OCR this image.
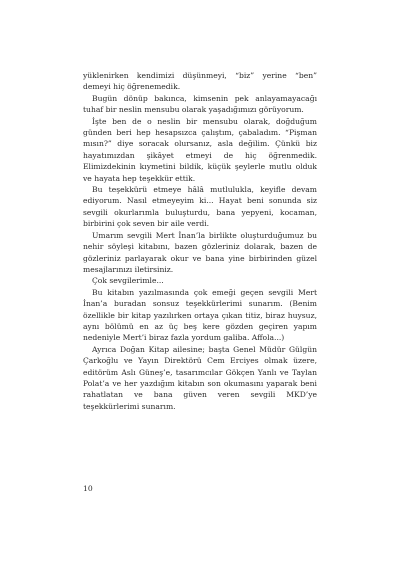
yüklenirken kendimizi düşünmeyi, “biz” yerine “ben” demeyi hiç öğrenemedik.

Bugün dönüp bakınca, kimsenin pek anlayamayacağı tuhaf bir neslin mensubu olarak yaşadığımızı görüyorum.

İşte ben de o neslin bir mensubu olarak, doğduğum günden beri hep hesapsızca çalıştım, çabaladım. “Pişman mısın?” diye soracak olursanız, asla değilim. Çünkü biz hayatımızdan şikâyet etmeyi de hiç öğrenmedik. Elimizdekinin kıymetini bildik, küçük şeylerle mutlu olduk ve hayata hep teşekkür ettik.

Bu teşekkürü etmeye hâlâ mutlulukla, keyifle devam ediyorum. Nasıl etmeyeyim ki... Hayat beni sonunda siz sevgili okurlarımla buluşturdu, bana yepyeni, kocaman, birbirini çok seven bir aile verdi.

Umarım sevgili Mert İnan’la birlikte oluşturduğumuz bu nehir söyleşi kitabını, bazen gözleriniz dolarak, bazen de gözleriniz parlayarak okur ve bana yine birbirinden güzel mesajlarınızı iletirsiniz.

Çok sevgilerimle...

Bu kitabın yazılmasında çok emeği geçen sevgili Mert İnan’a buradan sonsuz teşekkürlerimi sunarım. (Benim özellikle bir kitap yazılırken ortaya çıkan titiz, biraz huysuz, aynı bölümü en az üç beş kere gözden geçiren yapım nedeniyle Mert’i biraz fazla yordum galiba. Affola...)

Ayrıca Doğan Kitap ailesine; başta Genel Müdür Gülgün Çarkoğlu ve Yayın Direktörü Cem Erciyes olmak üzere, editörüm Aslı Güneş’e, tasarımcılar Gökçen Yanlı ve Taylan Polat’a ve her yazdığım kitabın son okumasını yaparak beni rahatlatan ve bana güven veren sevgili MKD’ye teşekkürlerimi sunarım.

10
